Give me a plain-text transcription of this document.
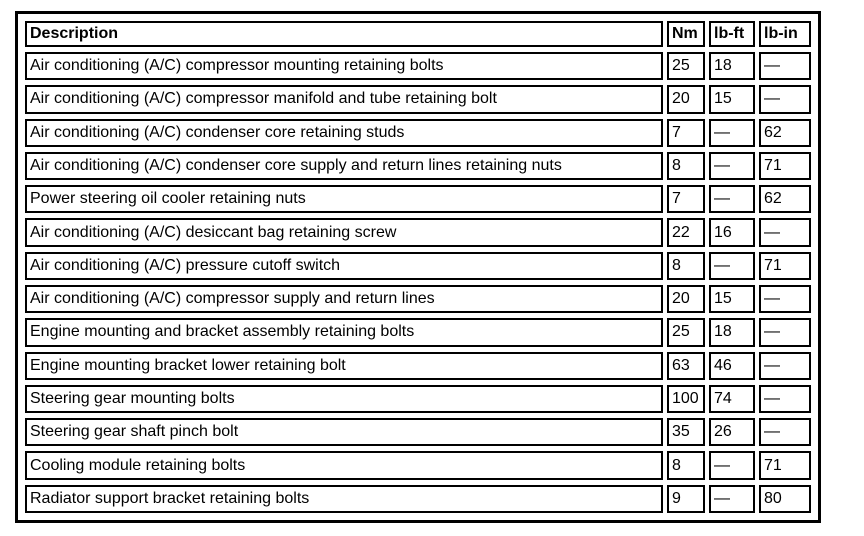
Description	Nm	lb-ft	lb-in
Air conditioning (A/C) compressor mounting retaining bolts	25	18	—
Air conditioning (A/C) compressor manifold and tube retaining bolt	20	15	—
Air conditioning (A/C) condenser core retaining studs	7	—	62
Air conditioning (A/C) condenser core supply and return lines retaining nuts	8	—	71
Power steering oil cooler retaining nuts	7	—	62
Air conditioning (A/C) desiccant bag retaining screw	22	16	—
Air conditioning (A/C) pressure cutoff switch	8	—	71
Air conditioning (A/C) compressor supply and return lines	20	15	—
Engine mounting and bracket assembly retaining bolts	25	18	—
Engine mounting bracket lower retaining bolt	63	46	—
Steering gear mounting bolts	100	74	—
Steering gear shaft pinch bolt	35	26	—
Cooling module retaining bolts	8	—	71
Radiator support bracket retaining bolts	9	—	80
